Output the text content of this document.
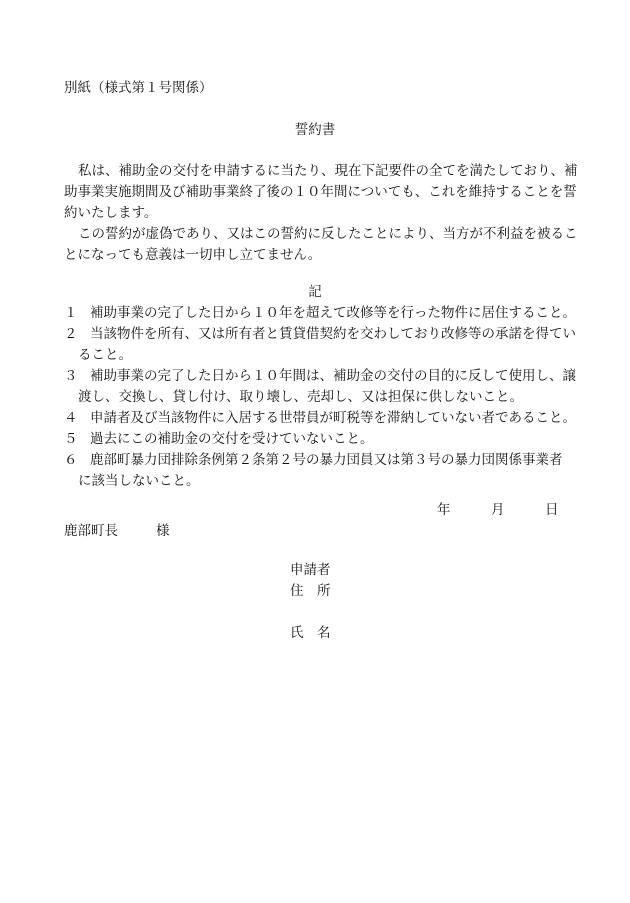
別紙（様式第１号関係）
誓約書
私は、補助金の交付を申請するに当たり、現在下記要件の全てを満たしており、補
助事業実施期間及び補助事業終了後の１０年間についても、これを維持することを誓
約いたします。
この誓約が虚偽であり、又はこの誓約に反したことにより、当方が不利益を被るこ
とになっても意義は一切申し立てません。
記
１ 補助事業の完了した日から１０年を超えて改修等を行った物件に居住すること。
２ 当該物件を所有、又は所有者と賃貸借契約を交わしており改修等の承諾を得てい
ること。
３ 補助事業の完了した日から１０年間は、補助金の交付の目的に反して使用し、譲
渡し、交換し、貸し付け、取り壊し、売却し、又は担保に供しないこと。
４ 申請者及び当該物件に入居する世帯員が町税等を滞納していない者であること。
５ 過去にこの補助金の交付を受けていないこと。
６ 鹿部町暴力団排除条例第２条第２号の暴力団員又は第３号の暴力団関係事業者
に該当しないこと。
年	月	日
鹿部町長	様
申請者
住　所
氏　名
